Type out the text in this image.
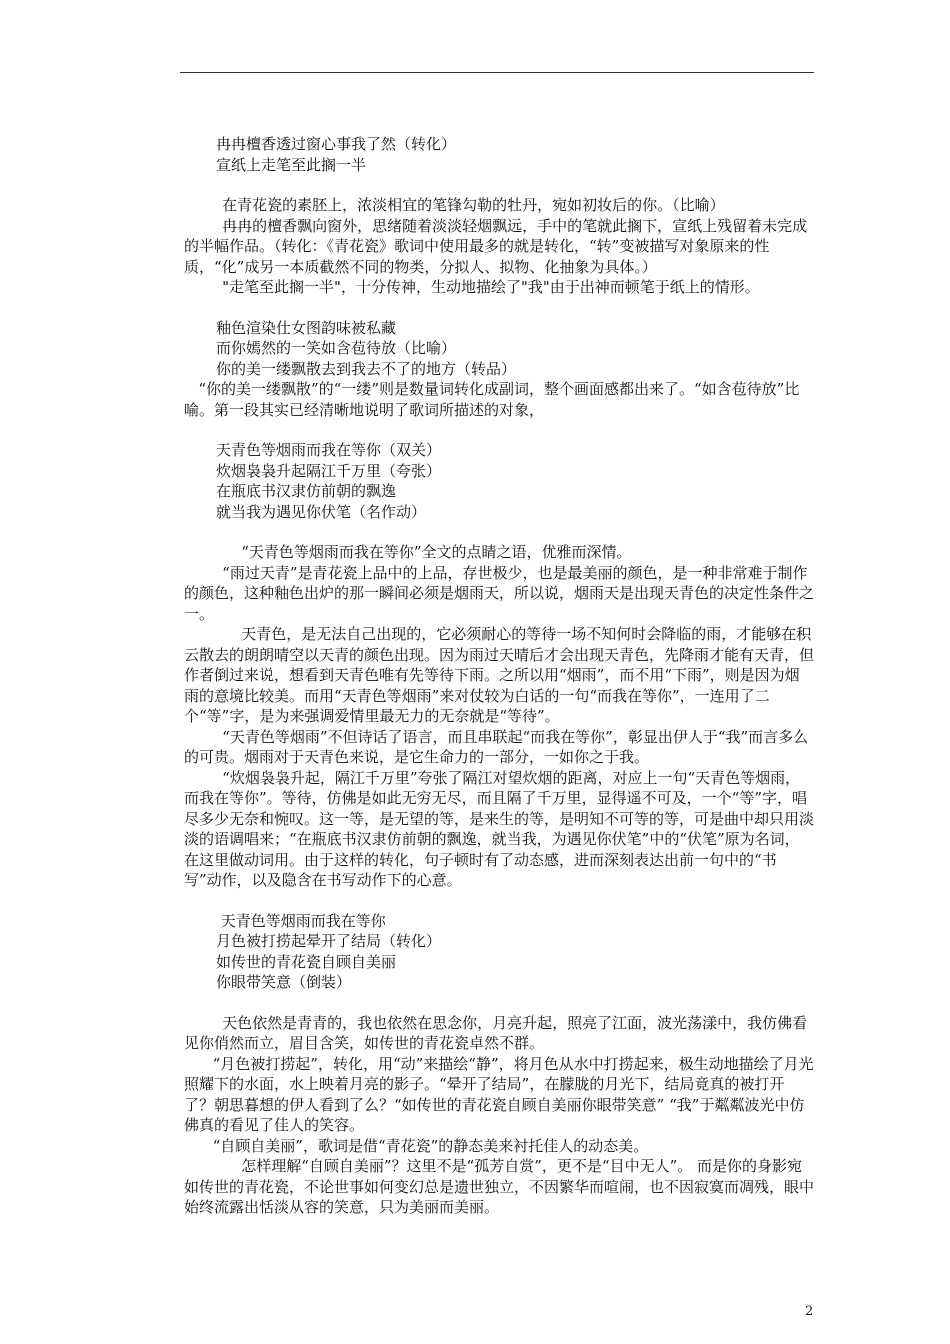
冉冉檀香透过窗心事我了然（转化）

宣纸上走笔至此搁一半

在青花瓷的素胚上，浓淡相宜的笔锋勾勒的牡丹，宛如初妆后的你。（比喻）

冉冉的檀香飘向窗外，思绪随着淡淡轻烟飘远，手中的笔就此搁下，宣纸上残留着未完成的半幅作品。（转化：《青花瓷》歌词中使用最多的就是转化，“转”变被描写对象原来的性质，“化”成另一本质截然不同的物类，分拟人、拟物、化抽象为具体。）

"走笔至此搁一半"，十分传神，生动地描绘了"我"由于出神而顿笔于纸上的情形。

釉色渲染仕女图韵味被私藏

而你嫣然的一笑如含苞待放（比喻）

你的美一缕飘散去到我去不了的地方（转品）

“你的美一缕飘散”的“一缕”则是数量词转化成副词，整个画面感都出来了。“如含苞待放”比喻。第一段其实已经清晰地说明了歌词所描述的对象，

天青色等烟雨而我在等你（双关）

炊烟袅袅升起隔江千万里（夸张）

在瓶底书汉隶仿前朝的飘逸

就当我为遇见你伏笔（名作动）

“天青色等烟雨而我在等你”全文的点睛之语，优雅而深情。

“雨过天青”是青花瓷上品中的上品，存世极少，也是最美丽的颜色，是一种非常难于制作的颜色，这种釉色出炉的那一瞬间必须是烟雨天，所以说，烟雨天是出现天青色的决定性条件之一。

天青色，是无法自己出现的，它必须耐心的等待一场不知何时会降临的雨，才能够在积云散去的朗朗晴空以天青的颜色出现。因为雨过天晴后才会出现天青色，先降雨才能有天青，但作者倒过来说，想看到天青色唯有先等待下雨。之所以用“烟雨”，而不用“下雨”，则是因为烟雨的意境比较美。而用“天青色等烟雨”来对仗较为白话的一句“而我在等你”，一连用了二个“等”字，是为来强调爱情里最无力的无奈就是“等待”。

“天青色等烟雨”不但诗话了语言，而且串联起“而我在等你”，彰显出伊人于“我”而言多么的可贵。烟雨对于天青色来说，是它生命力的一部分，一如你之于我。

“炊烟袅袅升起，隔江千万里”夸张了隔江对望炊烟的距离，对应上一句“天青色等烟雨，而我在等你”。等待，仿佛是如此无穷无尽，而且隔了千万里，显得遥不可及，一个“等”字，唱尽多少无奈和惋叹。这一等，是无望的等，是来生的等，是明知不可等的等，可是曲中却只用淡淡的语调唱来；“在瓶底书汉隶仿前朝的飘逸，就当我，为遇见你伏笔”中的“伏笔”原为名词，在这里做动词用。由于这样的转化，句子顿时有了动态感，进而深刻表达出前一句中的“书写”动作，以及隐含在书写动作下的心意。

天青色等烟雨而我在等你

月色被打捞起晕开了结局（转化）

如传世的青花瓷自顾自美丽

你眼带笑意（倒装）

天色依然是青青的，我也依然在思念你，月亮升起，照亮了江面，波光荡漾中，我仿佛看见你俏然而立，眉目含笑，如传世的青花瓷卓然不群。

“月色被打捞起”，转化，用“动”来描绘“静”，将月色从水中打捞起来，极生动地描绘了月光照耀下的水面，水上映着月亮的影子。“晕开了结局”，在朦胧的月光下，结局竟真的被打开了？朝思暮想的伊人看到了么？“如传世的青花瓷自顾自美丽你眼带笑意” “我”于粼粼波光中仿佛真的看见了佳人的笑容。

“自顾自美丽”，歌词是借“青花瓷”的静态美来衬托佳人的动态美。

怎样理解“自顾自美丽”？这里不是“孤芳自赏”，更不是“目中无人”。 而是你的身影宛如传世的青花瓷，不论世事如何变幻总是遗世独立，不因繁华而喧闹，也不因寂寞而凋残，眼中始终流露出恬淡从容的笑意，只为美丽而美丽。

2
